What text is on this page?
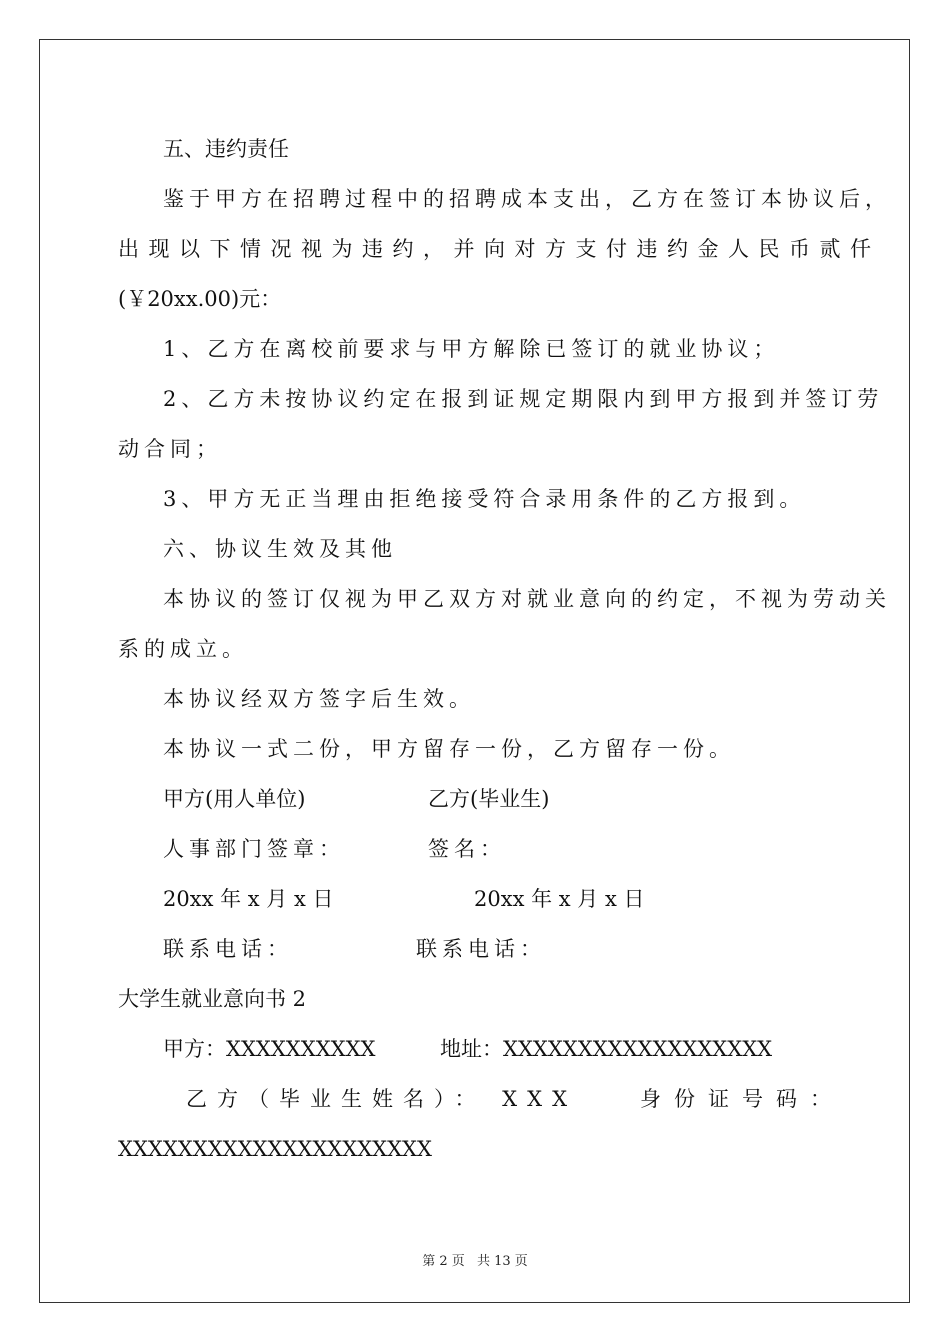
五、违约责任

鉴于甲方在招聘过程中的招聘成本支出，乙方在签订本协议后，

出现以下情况视为违约，并向对方支付违约金人民币贰仟

(￥20xx.00)元：

1、乙方在离校前要求与甲方解除已签订的就业协议；

2、乙方未按协议约定在报到证规定期限内到甲方报到并签订劳

动合同；

3、甲方无正当理由拒绝接受符合录用条件的乙方报到。

六、协议生效及其他

本协议的签订仅视为甲乙双方对就业意向的约定，不视为劳动关

系的成立。

本协议经双方签字后生效。

本协议一式二份，甲方留存一份，乙方留存一份。

甲方(用人单位)	乙方(毕业生)

人事部门签章：	签名：

20xx 年 x 月 x 日	20xx 年 x 月 x 日

联系电话：	联系电话：

大学生就业意向书 2

甲方：XXXXXXXXXX	地址：XXXXXXXXXXXXXXXXXX

乙方（毕业生姓名）： XXX	身份证号码：

XXXXXXXXXXXXXXXXXXXXX

第 2 页 共 13 页
